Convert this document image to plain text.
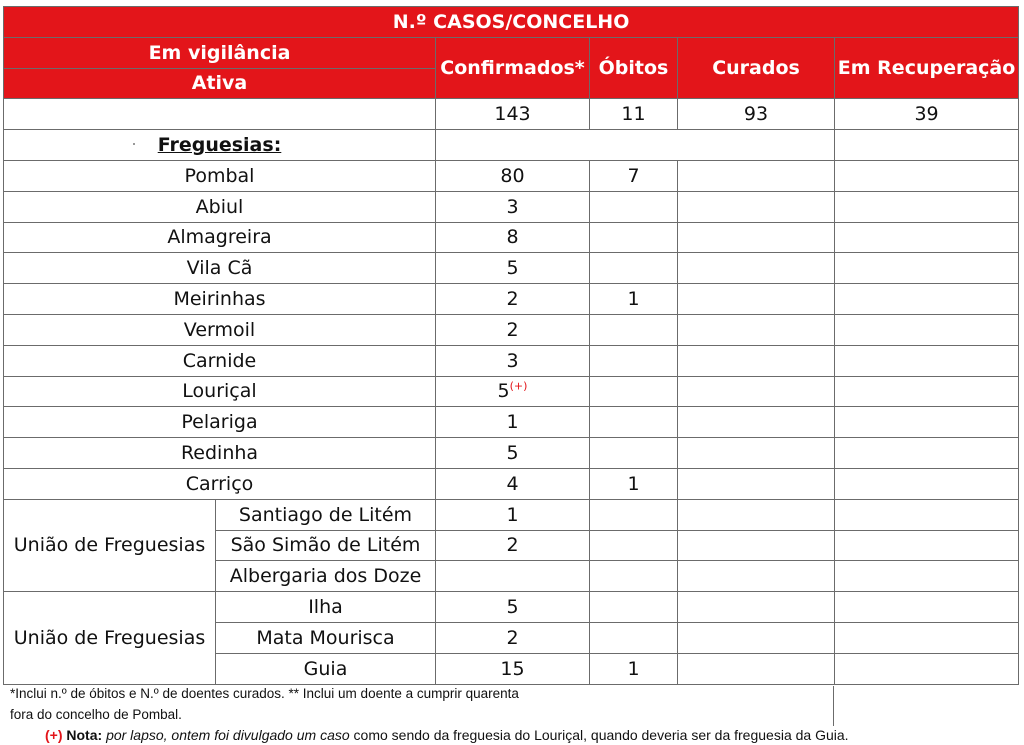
N.º CASOS/CONCELHO					
Em vigilância		Confirmados*	Óbitos	Curados	Em Recuperação
Ativa					
		143	11	93	39
Freguesias:					
Pombal		80	7		
Abiul		3			
Almagreira		8			
Vila Cã		5			
Meirinhas		2	1		
Vermoil		2			
Carnide		3			
Louriçal		5(+)			
Pelariga		1			
Redinha		5			
Carriço		4	1		
União de Freguesias	Santiago de Litém	1			
	São Simão de Litém	2			
	Albergaria dos Doze				
União de Freguesias	Ilha	5			
	Mata Mourisca	2			
	Guia	15	1		
*Inclui n.º de óbitos e N.º de doentes curados. ** Inclui um doente a cumprir quarenta
fora do concelho de Pombal.
(+) Nota: por lapso, ontem foi divulgado um caso como sendo da freguesia do Louriçal, quando deveria ser da freguesia da Guia.
